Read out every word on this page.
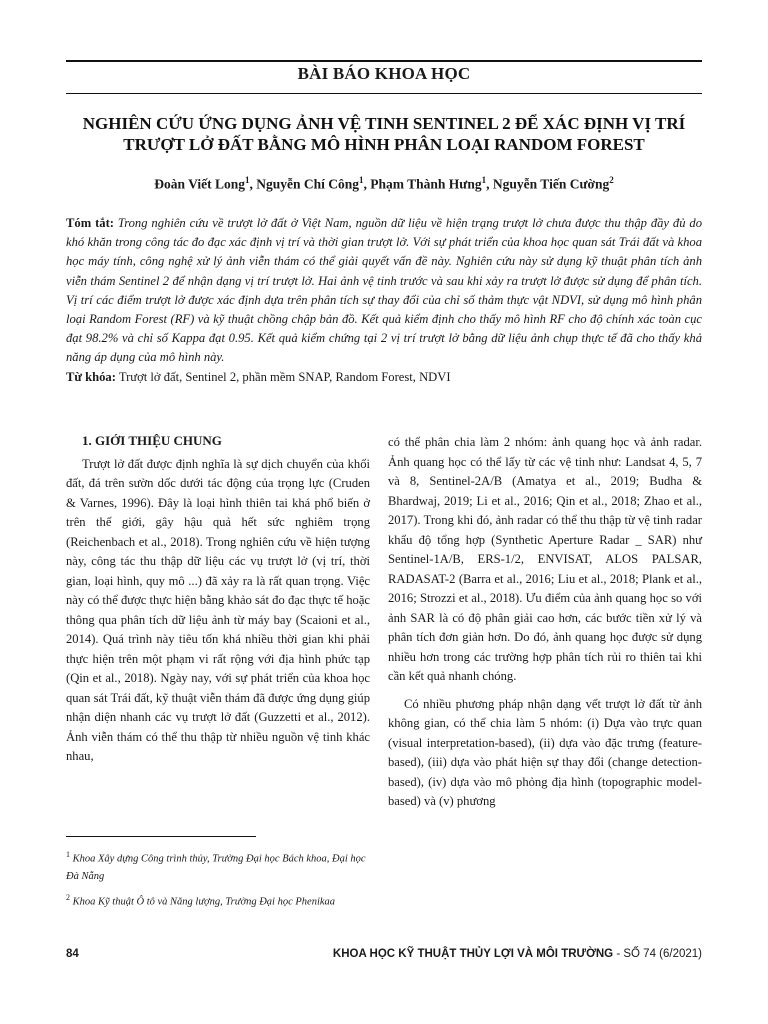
BÀI BÁO KHOA HỌC
NGHIÊN CỨU ỨNG DỤNG ẢNH VỆ TINH SENTINEL 2 ĐỂ XÁC ĐỊNH VỊ TRÍ TRƯỢT LỞ ĐẤT BẰNG MÔ HÌNH PHÂN LOẠI RANDOM FOREST
Đoàn Viết Long$^1$, Nguyễn Chí Công$^1$, Phạm Thành Hưng$^1$, Nguyễn Tiến Cường$^2$
Tóm tắt: Trong nghiên cứu về trượt lở đất ở Việt Nam, nguồn dữ liệu về hiện trạng trượt lở chưa được thu thập đầy đủ do khó khăn trong công tác đo đạc xác định vị trí và thời gian trượt lở. Với sự phát triển của khoa học quan sát Trái đất và khoa học máy tính, công nghệ xử lý ảnh viễn thám có thể giải quyết vấn đề này. Nghiên cứu này sử dụng kỹ thuật phân tích ảnh viễn thám Sentinel 2 để nhận dạng vị trí trượt lở. Hai ảnh vệ tinh trước và sau khi xảy ra trượt lở được sử dụng để phân tích. Vị trí các điểm trượt lở được xác định dựa trên phân tích sự thay đổi của chỉ số thảm thực vật NDVI, sử dụng mô hình phân loại Random Forest (RF) và kỹ thuật chồng chập bản đồ. Kết quả kiểm định cho thấy mô hình RF cho độ chính xác toàn cục đạt 98.2% và chỉ số Kappa đạt 0.95. Kết quả kiểm chứng tại 2 vị trí trượt lở bằng dữ liệu ảnh chụp thực tế đã cho thấy khả năng áp dụng của mô hình này.
Từ khóa: Trượt lở đất, Sentinel 2, phần mềm SNAP, Random Forest, NDVI
1. GIỚI THIỆU CHUNG

Trượt lở đất được định nghĩa là sự dịch chuyển của khối đất, đá trên sườn dốc dưới tác động của trọng lực (Cruden & Varnes, 1996). Đây là loại hình thiên tai khá phổ biến ở trên thế giới, gây hậu quả hết sức nghiêm trọng (Reichenbach et al., 2018). Trong nghiên cứu về hiện tượng này, công tác thu thập dữ liệu các vụ trượt lở (vị trí, thời gian, loại hình, quy mô ...) đã xảy ra là rất quan trọng. Việc này có thể được thực hiện bằng khảo sát đo đạc thực tế hoặc thông qua phân tích dữ liệu ảnh từ máy bay (Scaioni et al., 2014). Quá trình này tiêu tốn khá nhiều thời gian khi phải thực hiện trên một phạm vi rất rộng với địa hình phức tạp (Qin et al., 2018). Ngày nay, với sự phát triển của khoa học quan sát Trái đất, kỹ thuật viễn thám đã được ứng dụng giúp nhận diện nhanh các vụ trượt lở đất (Guzzetti et al., 2012). Ảnh viễn thám có thể thu thập từ nhiều nguồn vệ tinh khác nhau,

có thể phân chia làm 2 nhóm: ảnh quang học và ảnh radar. Ảnh quang học có thể lấy từ các vệ tinh như: Landsat 4, 5, 7 và 8, Sentinel-2A/B (Amatya et al., 2019; Budha & Bhardwaj, 2019; Li et al., 2016; Qin et al., 2018; Zhao et al., 2017). Trong khi đó, ảnh radar có thể thu thập từ vệ tinh radar khẩu độ tổng hợp (Synthetic Aperture Radar _ SAR) như Sentinel-1A/B, ERS-1/2, ENVISAT, ALOS PALSAR, RADASAT-2 (Barra et al., 2016; Liu et al., 2018; Plank et al., 2016; Strozzi et al., 2018). Ưu điểm của ảnh quang học so với ảnh SAR là có độ phân giải cao hơn, các bước tiền xử lý và phân tích đơn giản hơn. Do đó, ảnh quang học được sử dụng nhiều hơn trong các trường hợp phân tích rủi ro thiên tai khi cần kết quả nhanh chóng.

Có nhiều phương pháp nhận dạng vết trượt lở đất từ ảnh không gian, có thể chia làm 5 nhóm: (i) Dựa vào trực quan (visual interpretation-based), (ii) dựa vào đặc trưng (feature-based), (iii) dựa vào phát hiện sự thay đổi (change detection-based), (iv) dựa vào mô phỏng địa hình (topographic model-based) và (v) phương

$^1$ Khoa Xây dựng Công trình thủy, Trường Đại học Bách khoa, Đại học Đà Nẵng
$^2$ Khoa Kỹ thuật Ô tô và Năng lượng, Trường Đại học Phenikaa
84	KHOA HỌC KỸ THUẬT THỦY LỢI VÀ MÔI TRƯỜNG - SỐ 74 (6/2021)
